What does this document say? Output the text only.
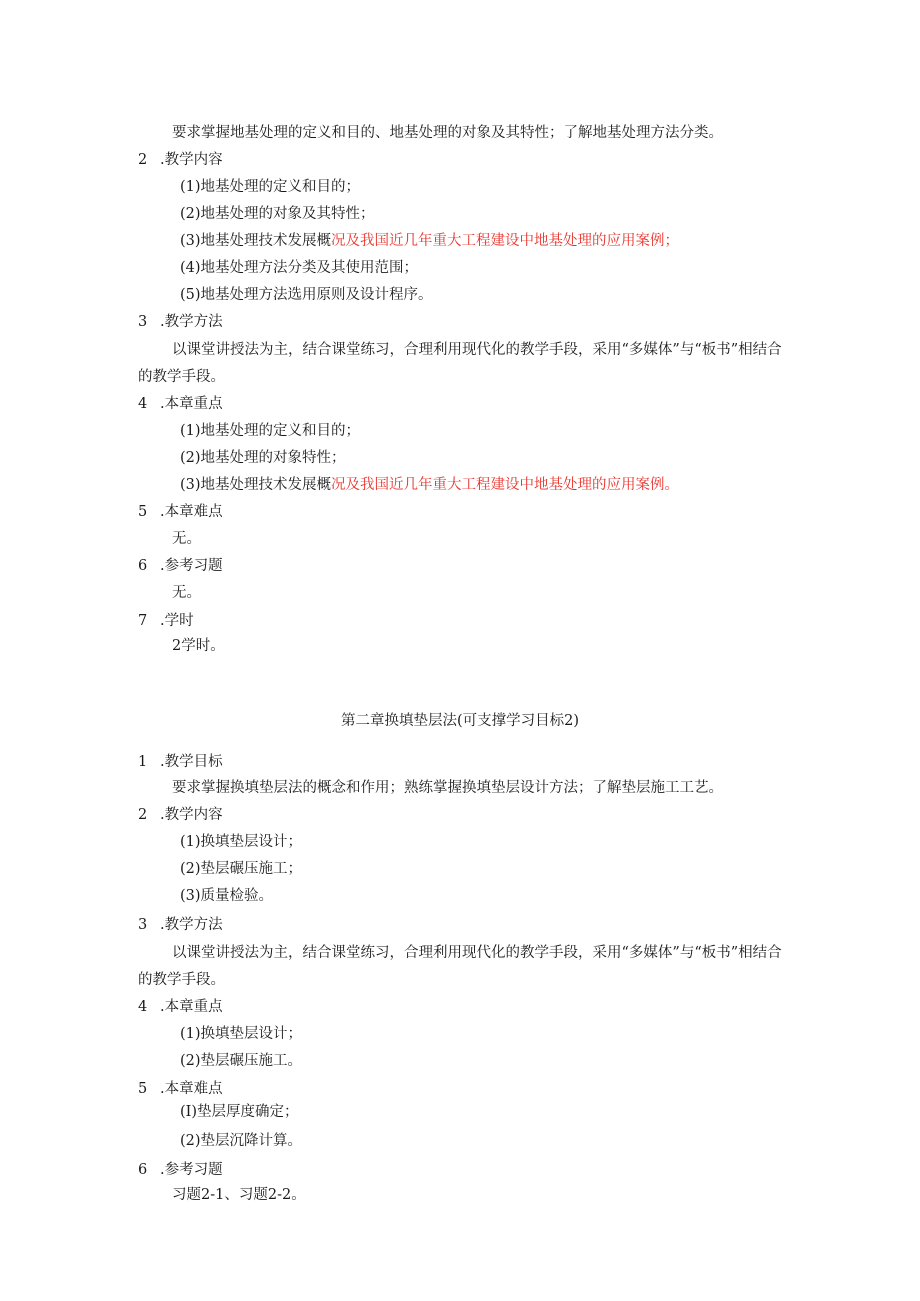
要求掌握地基处理的定义和目的、地基处理的对象及其特性；了解地基处理方法分类。
2 .教学内容
(1)地基处理的定义和目的；
(2)地基处理的对象及其特性；
(3)地基处理技术发展概况及我国近几年重大工程建设中地基处理的应用案例；
(4)地基处理方法分类及其使用范围；
(5)地基处理方法选用原则及设计程序。
3 .教学方法
以课堂讲授法为主，结合课堂练习，合理利用现代化的教学手段，采用“多媒体”与“板书”相结合
的教学手段。
4 .本章重点
(1)地基处理的定义和目的；
(2)地基处理的对象特性；
(3)地基处理技术发展概况及我国近几年重大工程建设中地基处理的应用案例。
5 .本章难点
无。
6 .参考习题
无。
7 .学时
2学时。
第二章换填垫层法(可支撑学习目标2)
1 .教学目标
要求掌握换填垫层法的概念和作用；熟练掌握换填垫层设计方法；了解垫层施工工艺。
2 .教学内容
(1)换填垫层设计；
(2)垫层碾压施工；
(3)质量检验。
3 .教学方法
以课堂讲授法为主，结合课堂练习，合理利用现代化的教学手段，采用“多媒体”与“板书”相结合
的教学手段。
4 .本章重点
(1)换填垫层设计；
(2)垫层碾压施工。
5 .本章难点
(I)垫层厚度确定；
(2)垫层沉降计算。
6 .参考习题
习题2-1、习题2-2。
